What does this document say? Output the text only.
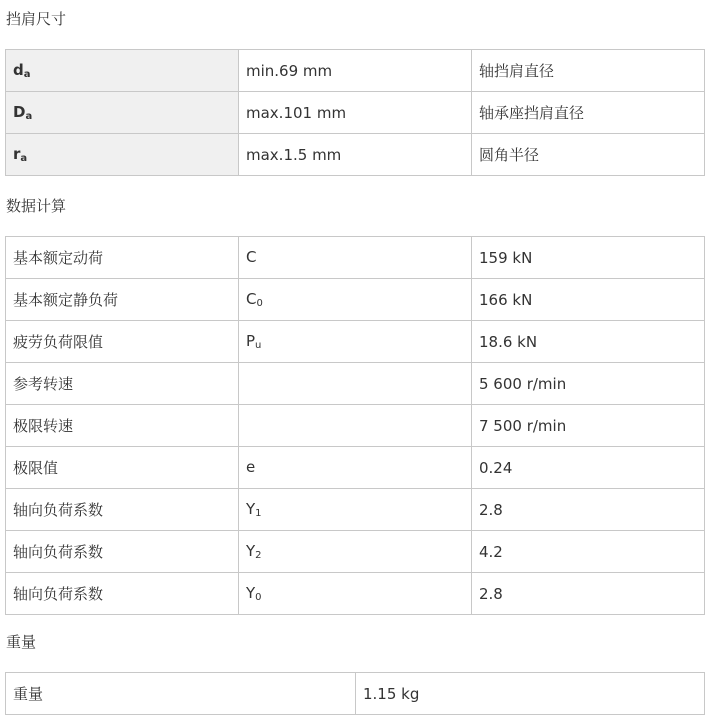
挡肩尺寸
da	min.69 mm	轴挡肩直径
Da	max.101 mm	轴承座挡肩直径
ra	max.1.5 mm	圆角半径
数据计算
基本额定动荷	C	159 kN
基本额定静负荷	$C_0$	166 kN
疲劳负荷限值	$P_u$	18.6 kN
参考转速		5 600 r/min
极限转速		7 500 r/min
极限值	e	0.24
轴向负荷系数	$Y_1$	2.8
轴向负荷系数	$Y_2$	4.2
轴向负荷系数	$Y_0$	2.8
重量
重量	1.15 kg
